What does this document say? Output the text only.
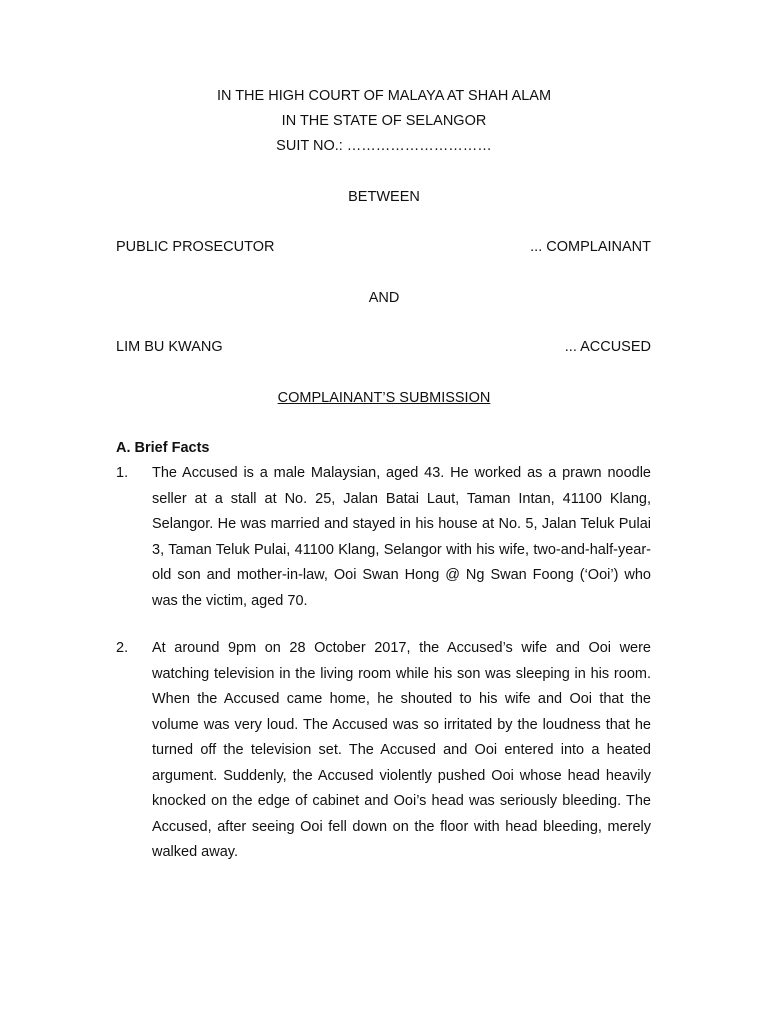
IN THE HIGH COURT OF MALAYA AT SHAH ALAM
IN THE STATE OF SELANGOR
SUIT NO.: …………………………
BETWEEN
PUBLIC PROSECUTOR	... COMPLAINANT
AND
LIM BU KWANG	... ACCUSED
COMPLAINANT’S SUBMISSION
A. Brief Facts
1.	The Accused is a male Malaysian, aged 43. He worked as a prawn noodle seller at a stall at No. 25, Jalan Batai Laut, Taman Intan, 41100 Klang, Selangor. He was married and stayed in his house at No. 5, Jalan Teluk Pulai 3, Taman Teluk Pulai, 41100 Klang, Selangor with his wife, two-and-half-year-old son and mother-in-law, Ooi Swan Hong @ Ng Swan Foong (‘Ooi’) who was the victim, aged 70.
2.	At around 9pm on 28 October 2017, the Accused’s wife and Ooi were watching television in the living room while his son was sleeping in his room. When the Accused came home, he shouted to his wife and Ooi that the volume was very loud. The Accused was so irritated by the loudness that he turned off the television set. The Accused and Ooi entered into a heated argument. Suddenly, the Accused violently pushed Ooi whose head heavily knocked on the edge of cabinet and Ooi’s head was seriously bleeding. The Accused, after seeing Ooi fell down on the floor with head bleeding, merely walked away.
